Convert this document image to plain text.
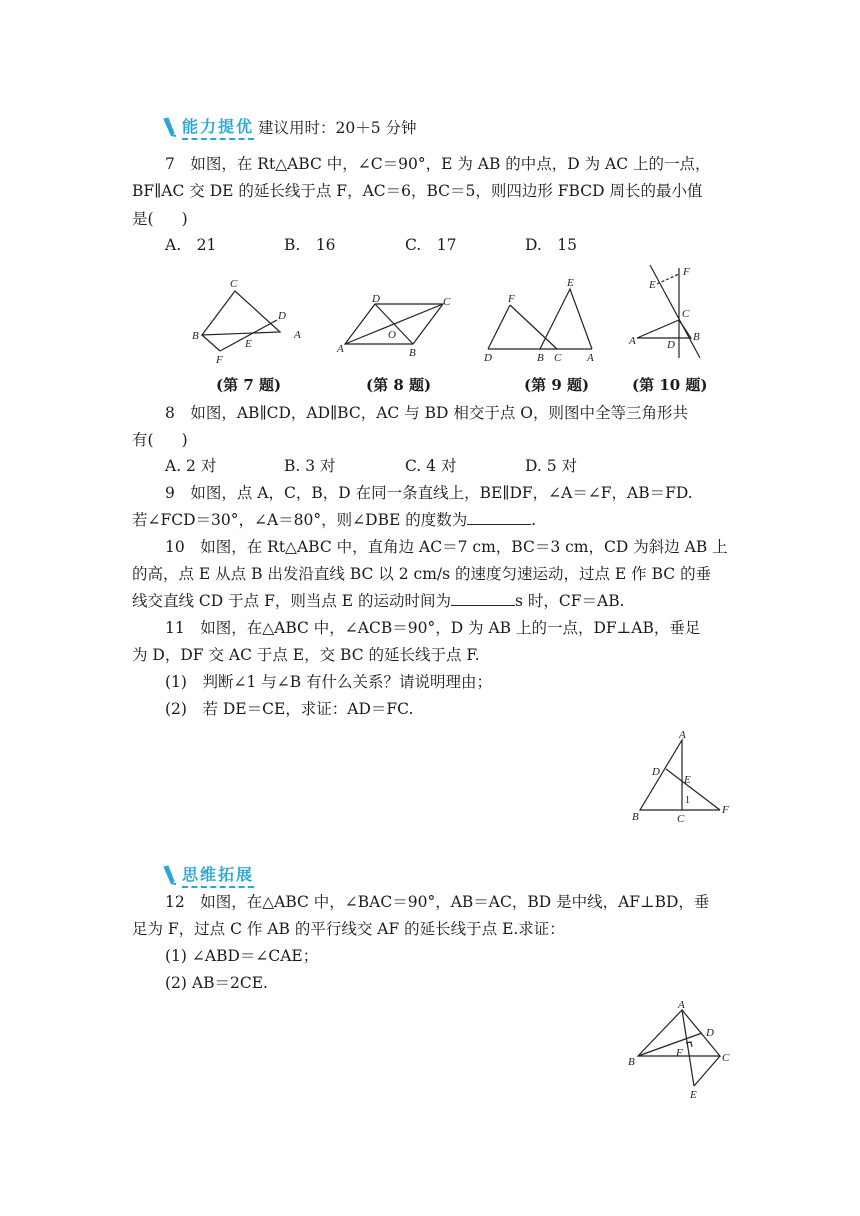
能力提优 建议用时：20＋5 分钟
7　如图，在 Rt△ABC 中，∠C＝90°，E 为 AB 的中点，D 为 AC 上的一点，
BF∥AC 交 DE 的延长线于点 F，AC＝6，BC＝5，则四边形 FBCD 周长的最小值
是( )
A.　21	B.　16	C.　17	D.　15
C
D
B
E
A
F
D	C
O
A	B
E
F
D	B C A
F
E
C
B
A	D
(第 7 题)	(第 8 题)	(第 9 题)	(第 10 题)
8　如图，AB∥CD，AD∥BC，AC 与 BD 相交于点 O，则图中全等三角形共
有( )
A. 2 对	B. 3 对	C. 4 对	D. 5 对
9　如图，点 A，C，B，D 在同一条直线上，BE∥DF，∠A＝∠F，AB＝FD.
若∠FCD＝30°，∠A＝80°，则∠DBE 的度数为	.
10　如图，在 Rt△ABC 中，直角边 AC＝7 cm，BC＝3 cm，CD 为斜边 AB 上
的高，点 E 从点 B 出发沿直线 BC 以 2 cm/s 的速度匀速运动，过点 E 作 BC 的垂
线交直线 CD 于点 F，则当点 E 的运动时间为	s 时，CF＝AB.
11　如图，在△ABC 中，∠ACB＝90°，D 为 AB 上的一点，DF⊥AB，垂足
为 D，DF 交 AC 于点 E，交 BC 的延长线于点 F.
(1)　判断∠1 与∠B 有什么关系？请说明理由；
(2)　若 DE＝CE，求证：AD＝FC.
A
D
E
1
B	C
F
思维拓展
12　如图，在△ABC 中，∠BAC＝90°，AB＝AC，BD 是中线，AF⊥BD，垂
足为 F，过点 C 作 AB 的平行线交 AF 的延长线于点 E.求证：
(1) ∠ABD＝∠CAE；
(2) AB＝2CE.
A
D
F
B	C
E
